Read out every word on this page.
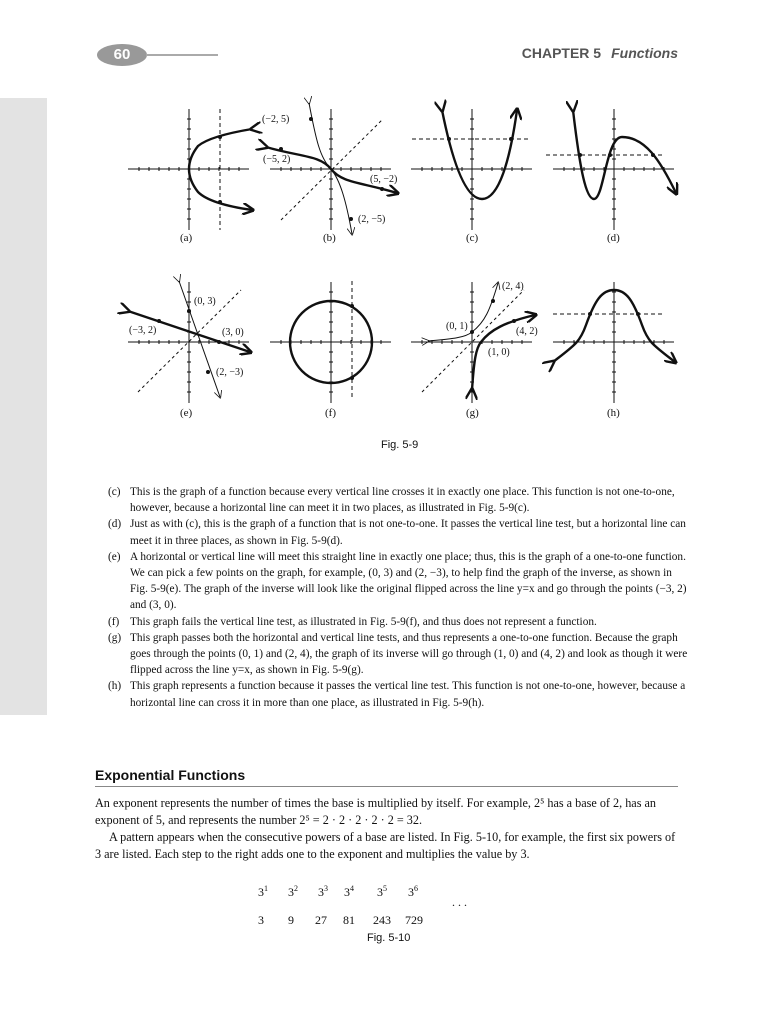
60	CHAPTER 5 Functions
(−2, 5)
(−5, 2)
(5, −2)
(2, −5)
(0, 3)
(−3, 2)	(3, 0)
(2, −3)
(2, 4)
(0, 1)	(4, 2)
(1, 0)
(a)	(b)	(c)	(d)
(e)	(f)	(g)	(h)
Fig. 5-9
(c) This is the graph of a function because every vertical line crosses it in exactly one place. This function is not one-to-one, however, because a horizontal line can meet it in two places, as illustrated in Fig. 5-9(c).
(d) Just as with (c), this is the graph of a function that is not one-to-one. It passes the vertical line test, but a horizontal line can meet it in three places, as shown in Fig. 5-9(d).
(e) A horizontal or vertical line will meet this straight line in exactly one place; thus, this is the graph of a one-to-one function. We can pick a few points on the graph, for example, (0, 3) and (2, −3), to help find the graph of the inverse, as shown in Fig. 5-9(e). The graph of the inverse will look like the original flipped across the line y=x and go through the points (−3, 2) and (3, 0).
(f) This graph fails the vertical line test, as illustrated in Fig. 5-9(f), and thus does not represent a function.
(g) This graph passes both the horizontal and vertical line tests, and thus represents a one-to-one function. Because the graph goes through the points (0, 1) and (2, 4), the graph of its inverse will go through (1, 0) and (4, 2) and look as though it were flipped across the line y=x, as shown in Fig. 5-9(g).
(h) This graph represents a function because it passes the vertical line test. This function is not one-to-one, however, because a horizontal line can cross it in more than one place, as illustrated in Fig. 5-9(h).
Exponential Functions
An exponent represents the number of times the base is multiplied by itself. For example, 2⁵ has a base of 2, has an exponent of 5, and represents the number 2⁵ = 2 · 2 · 2 · 2 · 2 = 32.
A pattern appears when the consecutive powers of a base are listed. In Fig. 5-10, for example, the first six powers of 3 are listed. Each step to the right adds one to the exponent and multiplies the value by 3.
$3^1$ $3^2$ $3^3$ $3^4$ $3^5$ $3^6$
. . .
3 9 27 81 243 729
Fig. 5-10
